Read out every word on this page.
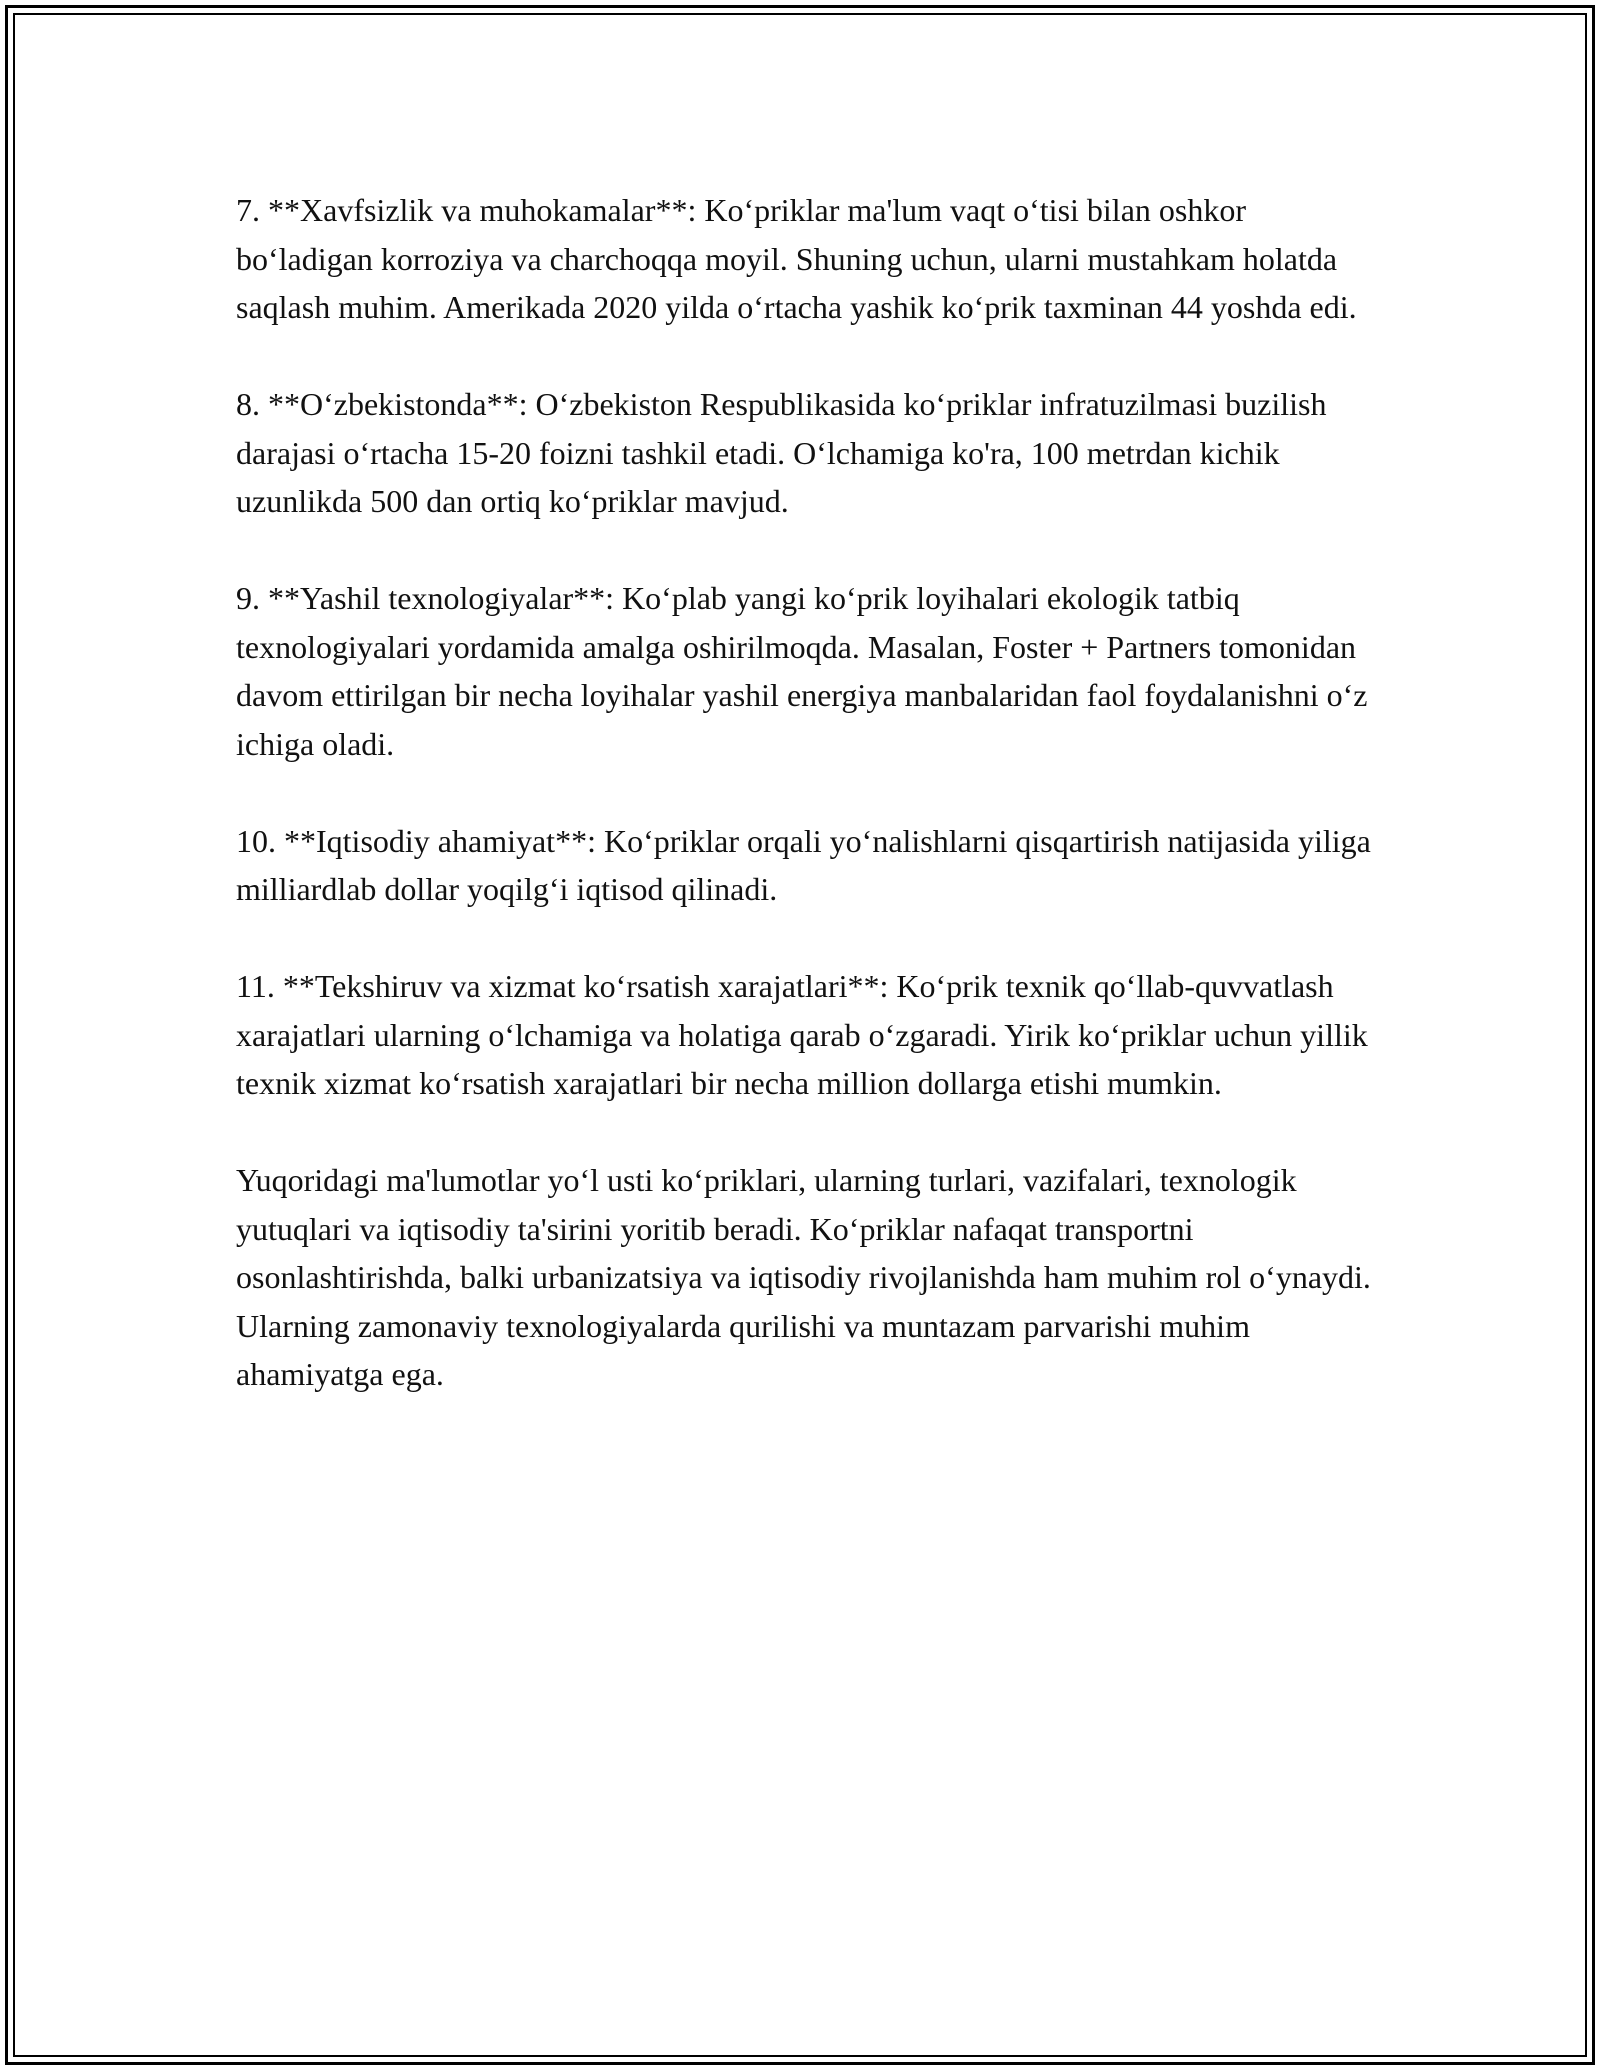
7. **Xavfsizlik va muhokamalar**: Ko‘priklar ma'lum vaqt o‘tisi bilan oshkor bo‘ladigan korroziya va charchoqqa moyil. Shuning uchun, ularni mustahkam holatda saqlash muhim. Amerikada 2020 yilda o‘rtacha yashik ko‘prik taxminan 44 yoshda edi.

8. **O‘zbekistonda**: O‘zbekiston Respublikasida ko‘priklar infratuzilmasi buzilish darajasi o‘rtacha 15-20 foizni tashkil etadi. O‘lchamiga ko'ra, 100 metrdan kichik uzunlikda 500 dan ortiq ko‘priklar mavjud.

9. **Yashil texnologiyalar**: Ko‘plab yangi ko‘prik loyihalari ekologik tatbiq texnologiyalari yordamida amalga oshirilmoqda. Masalan, Foster + Partners tomonidan davom ettirilgan bir necha loyihalar yashil energiya manbalaridan faol foydalanishni o‘z ichiga oladi.

10. **Iqtisodiy ahamiyat**: Ko‘priklar orqali yo‘nalishlarni qisqartirish natijasida yiliga milliardlab dollar yoqilg‘i iqtisod qilinadi.

11. **Tekshiruv va xizmat ko‘rsatish xarajatlari**: Ko‘prik texnik qo‘llab-quvvatlash xarajatlari ularning o‘lchamiga va holatiga qarab o‘zgaradi. Yirik ko‘priklar uchun yillik texnik xizmat ko‘rsatish xarajatlari bir necha million dollarga etishi mumkin.

Yuqoridagi ma'lumotlar yo‘l usti ko‘priklari, ularning turlari, vazifalari, texnologik yutuqlari va iqtisodiy ta'sirini yoritib beradi. Ko‘priklar nafaqat transportni osonlashtirishda, balki urbanizatsiya va iqtisodiy rivojlanishda ham muhim rol o‘ynaydi. Ularning zamonaviy texnologiyalarda qurilishi va muntazam parvarishi muhim ahamiyatga ega.
